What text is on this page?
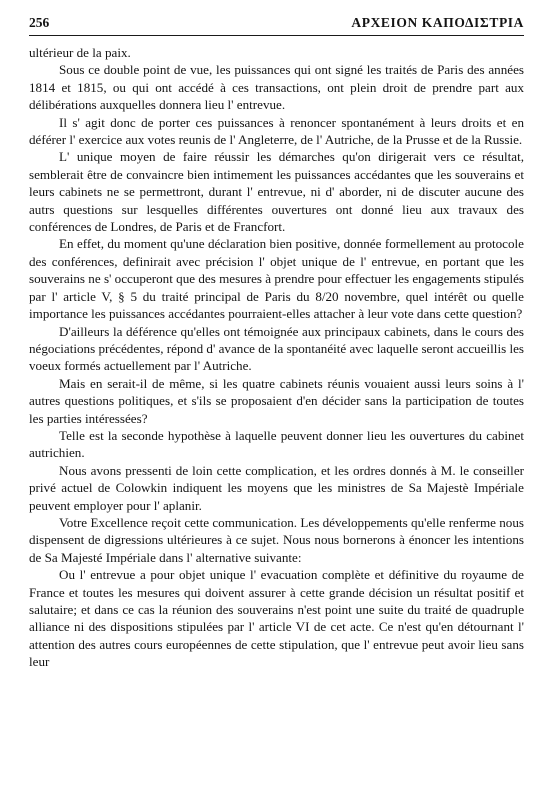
256	ΑΡΧΕΙΟΝ ΚΑΠΟΔΙΣΤΡΙΑ

ultérieur de la paix.

Sous ce double point de vue, les puissances qui ont signé les traités de Paris des années 1814 et 1815, ou qui ont accédé à ces transactions, ont plein droit de prendre part aux délibérations auxquelles donnera lieu l' entrevue.

Il s' agit donc de porter ces puissances à renoncer spontanément à leurs droits et en déférer l' exercice aux votes reunis de l' Angleterre, de l' Autriche, de la Prusse et de la Russie.

L' unique moyen de faire réussir les démarches qu'on dirigerait vers ce résultat, semblerait être de convaincre bien intimement les puissances accédantes que les souverains et leurs cabinets ne se permettront, durant l' entrevue, ni d' aborder, ni de discuter aucune des autrs questions sur lesquelles différentes ouvertures ont donné lieu aux travaux des conférences de Londres, de Paris et de Francfort.

En effet, du moment qu'une déclaration bien positive, donnée formellement au protocole des conférences, definirait avec précision l' objet unique de l' entrevue, en portant que les souverains ne s' occuperont que des mesures à prendre pour effectuer les engagements stipulés par l' article V, § 5 du traité principal de Paris du 8/20 novembre, quel intérêt ou quelle importance les puissances accédantes pourraient-elles attacher à leur vote dans cette question?

D'ailleurs la déférence qu'elles ont témoignée aux principaux cabinets, dans le cours des négociations précédentes, répond d' avance de la spontanéité avec laquelle seront accueillis les voeux formés actuellement par l' Autriche.

Mais en serait-il de même, si les quatre cabinets réunis vouaient aussi leurs soins à l' autres questions politiques, et s'ils se proposaient d'en décider sans la participation de toutes les parties intéressées?

Telle est la seconde hypothèse à laquelle peuvent donner lieu les ouvertures du cabinet autrichien.

Nous avons pressenti de loin cette complication, et les ordres donnés à M. le conseiller privé actuel de Colowkin indiquent les moyens que les ministres de Sa Majestè Impériale peuvent employer pour l' aplanir.

Votre Excellence reçoit cette communication. Les développements qu'elle renferme nous dispensent de digressions ultérieures à ce sujet. Nous nous bornerons à énoncer les intentions de Sa Majesté Impériale dans l' alternative suivante:

Ou l' entrevue a pour objet unique l' evacuation complète et définitive du royaume de France et toutes les mesures qui doivent assurer à cette grande décision un résultat positif et salutaire; et dans ce cas la réunion des souverains n'est point une suite du traité de quadruple alliance ni des dispositions stipulées par l' article VI de cet acte. Ce n'est qu'en détournant l' attention des autres cours européennes de cette stipulation, que l' entrevue peut avoir lieu sans leur
